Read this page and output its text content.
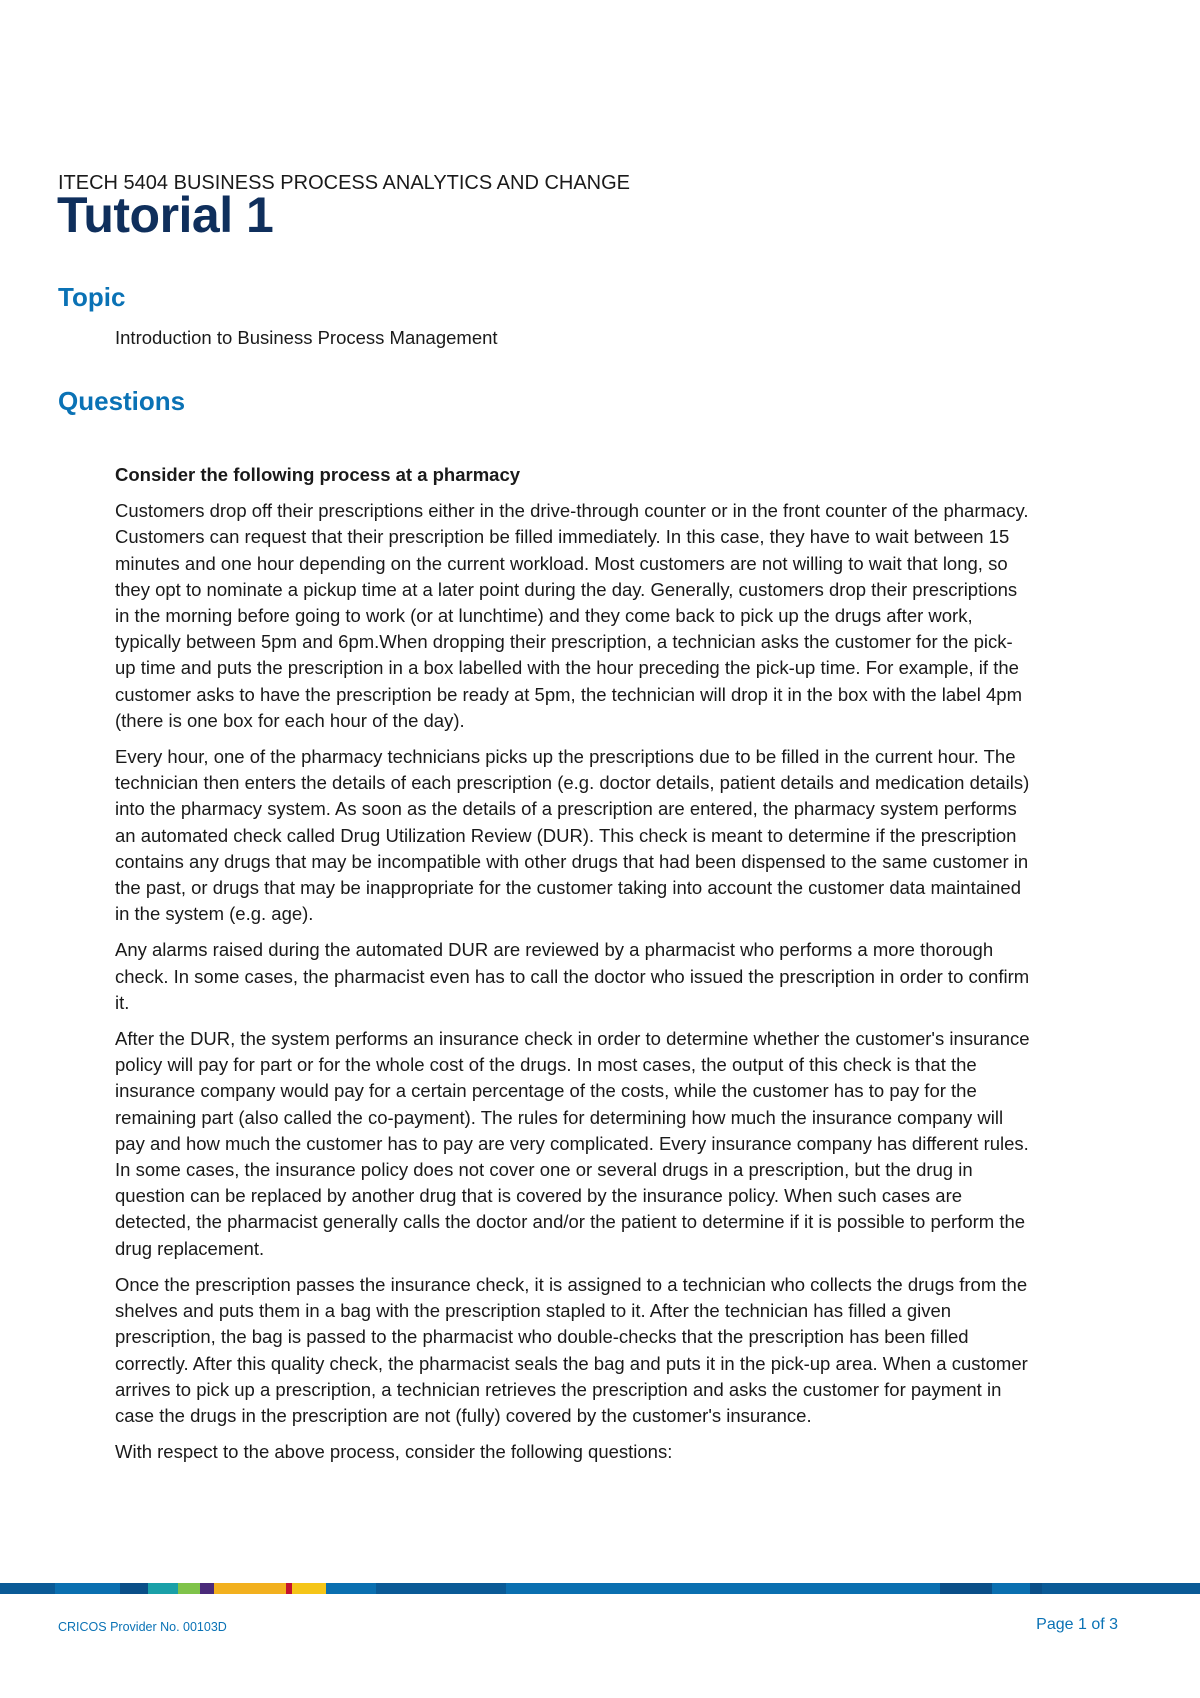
ITECH 5404 BUSINESS PROCESS ANALYTICS AND CHANGE
Tutorial 1
Topic
Introduction to Business Process Management
Questions

Consider the following process at a pharmacy

Customers drop off their prescriptions either in the drive-through counter or in the front counter of the pharmacy. Customers can request that their prescription be filled immediately. In this case, they have to wait between 15 minutes and one hour depending on the current workload. Most customers are not willing to wait that long, so they opt to nominate a pickup time at a later point during the day. Generally, customers drop their prescriptions in the morning before going to work (or at lunchtime) and they come back to pick up the drugs after work, typically between 5pm and 6pm.When dropping their prescription, a technician asks the customer for the pick-up time and puts the prescription in a box labelled with the hour preceding the pick-up time. For example, if the customer asks to have the prescription be ready at 5pm, the technician will drop it in the box with the label 4pm (there is one box for each hour of the day).

Every hour, one of the pharmacy technicians picks up the prescriptions due to be filled in the current hour. The technician then enters the details of each prescription (e.g. doctor details, patient details and medication details) into the pharmacy system. As soon as the details of a prescription are entered, the pharmacy system performs an automated check called Drug Utilization Review (DUR). This check is meant to determine if the prescription contains any drugs that may be incompatible with other drugs that had been dispensed to the same customer in the past, or drugs that may be inappropriate for the customer taking into account the customer data maintained in the system (e.g. age).

Any alarms raised during the automated DUR are reviewed by a pharmacist who performs a more thorough check. In some cases, the pharmacist even has to call the doctor who issued the prescription in order to confirm it.

After the DUR, the system performs an insurance check in order to determine whether the customer's insurance policy will pay for part or for the whole cost of the drugs. In most cases, the output of this check is that the insurance company would pay for a certain percentage of the costs, while the customer has to pay for the remaining part (also called the co-payment). The rules for determining how much the insurance company will pay and how much the customer has to pay are very complicated. Every insurance company has different rules. In some cases, the insurance policy does not cover one or several drugs in a prescription, but the drug in question can be replaced by another drug that is covered by the insurance policy. When such cases are detected, the pharmacist generally calls the doctor and/or the patient to determine if it is possible to perform the drug replacement.

Once the prescription passes the insurance check, it is assigned to a technician who collects the drugs from the shelves and puts them in a bag with the prescription stapled to it. After the technician has filled a given prescription, the bag is passed to the pharmacist who double-checks that the prescription has been filled correctly. After this quality check, the pharmacist seals the bag and puts it in the pick-up area. When a customer arrives to pick up a prescription, a technician retrieves the prescription and asks the customer for payment in case the drugs in the prescription are not (fully) covered by the customer's insurance.

With respect to the above process, consider the following questions:

CRICOS Provider No. 00103D	Page 1 of 3
